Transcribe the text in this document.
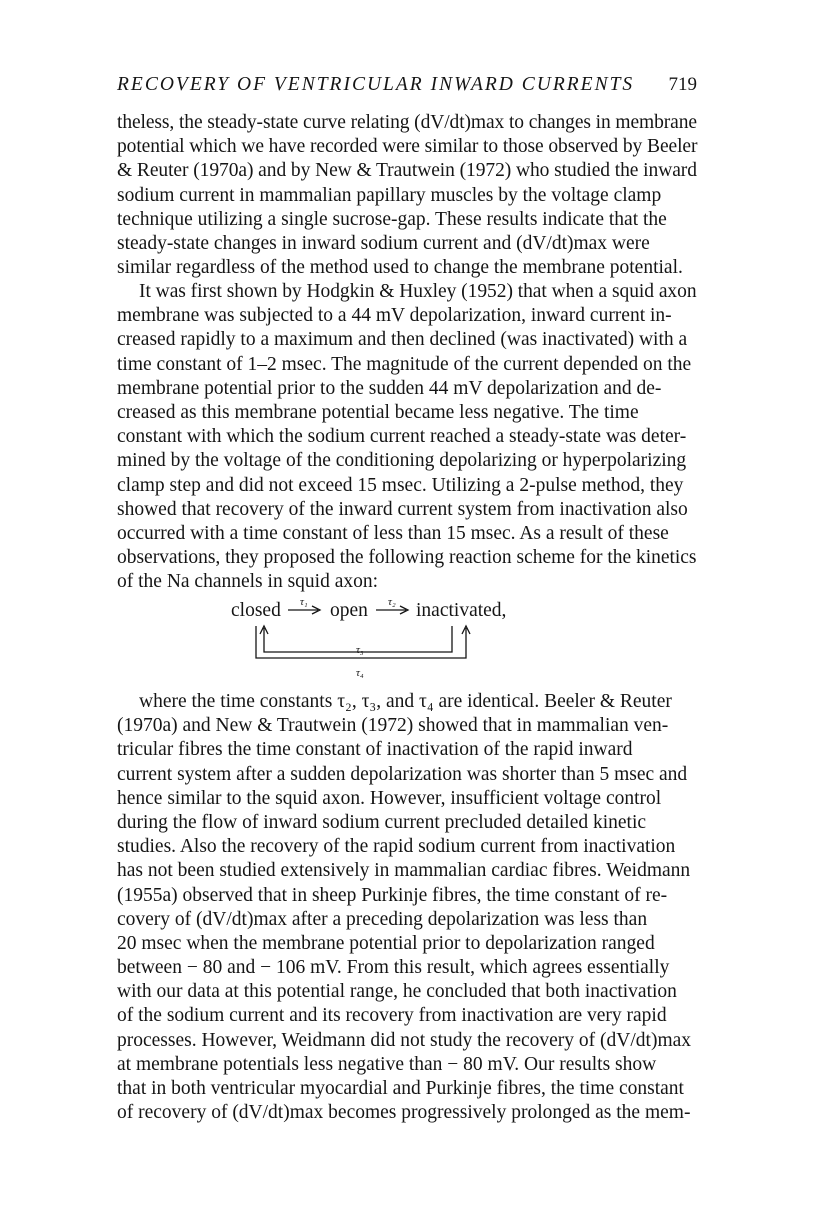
RECOVERY OF VENTRICULAR INWARD CURRENTS 719
theless, the steady-state curve relating (dV/dt)max to changes in membrane
potential which we have recorded were similar to those observed by Beeler
& Reuter (1970a) and by New & Trautwein (1972) who studied the inward
sodium current in mammalian papillary muscles by the voltage clamp
technique utilizing a single sucrose-gap. These results indicate that the
steady-state changes in inward sodium current and (dV/dt)max were
similar regardless of the method used to change the membrane potential.
It was first shown by Hodgkin & Huxley (1952) that when a squid axon
membrane was subjected to a 44 mV depolarization, inward current in-
creased rapidly to a maximum and then declined (was inactivated) with a
time constant of 1–2 msec. The magnitude of the current depended on the
membrane potential prior to the sudden 44 mV depolarization and de-
creased as this membrane potential became less negative. The time
constant with which the sodium current reached a steady-state was deter-
mined by the voltage of the conditioning depolarizing or hyperpolarizing
clamp step and did not exceed 15 msec. Utilizing a 2-pulse method, they
showed that recovery of the inward current system from inactivation also
occurred with a time constant of less than 15 msec. As a result of these
observations, they proposed the following reaction scheme for the kinetics
of the Na channels in squid axon:
closed τ₁ open τ₂ inactivated,
τ₃
τ₄
where the time constants τ₂, τ₃, and τ₄ are identical. Beeler & Reuter
(1970a) and New & Trautwein (1972) showed that in mammalian ven-
tricular fibres the time constant of inactivation of the rapid inward
current system after a sudden depolarization was shorter than 5 msec and
hence similar to the squid axon. However, insufficient voltage control
during the flow of inward sodium current precluded detailed kinetic
studies. Also the recovery of the rapid sodium current from inactivation
has not been studied extensively in mammalian cardiac fibres. Weidmann
(1955a) observed that in sheep Purkinje fibres, the time constant of re-
covery of (dV/dt)max after a preceding depolarization was less than
20 msec when the membrane potential prior to depolarization ranged
between − 80 and − 106 mV. From this result, which agrees essentially
with our data at this potential range, he concluded that both inactivation
of the sodium current and its recovery from inactivation are very rapid
processes. However, Weidmann did not study the recovery of (dV/dt)max
at membrane potentials less negative than − 80 mV. Our results show
that in both ventricular myocardial and Purkinje fibres, the time constant
of recovery of (dV/dt)max becomes progressively prolonged as the mem-
